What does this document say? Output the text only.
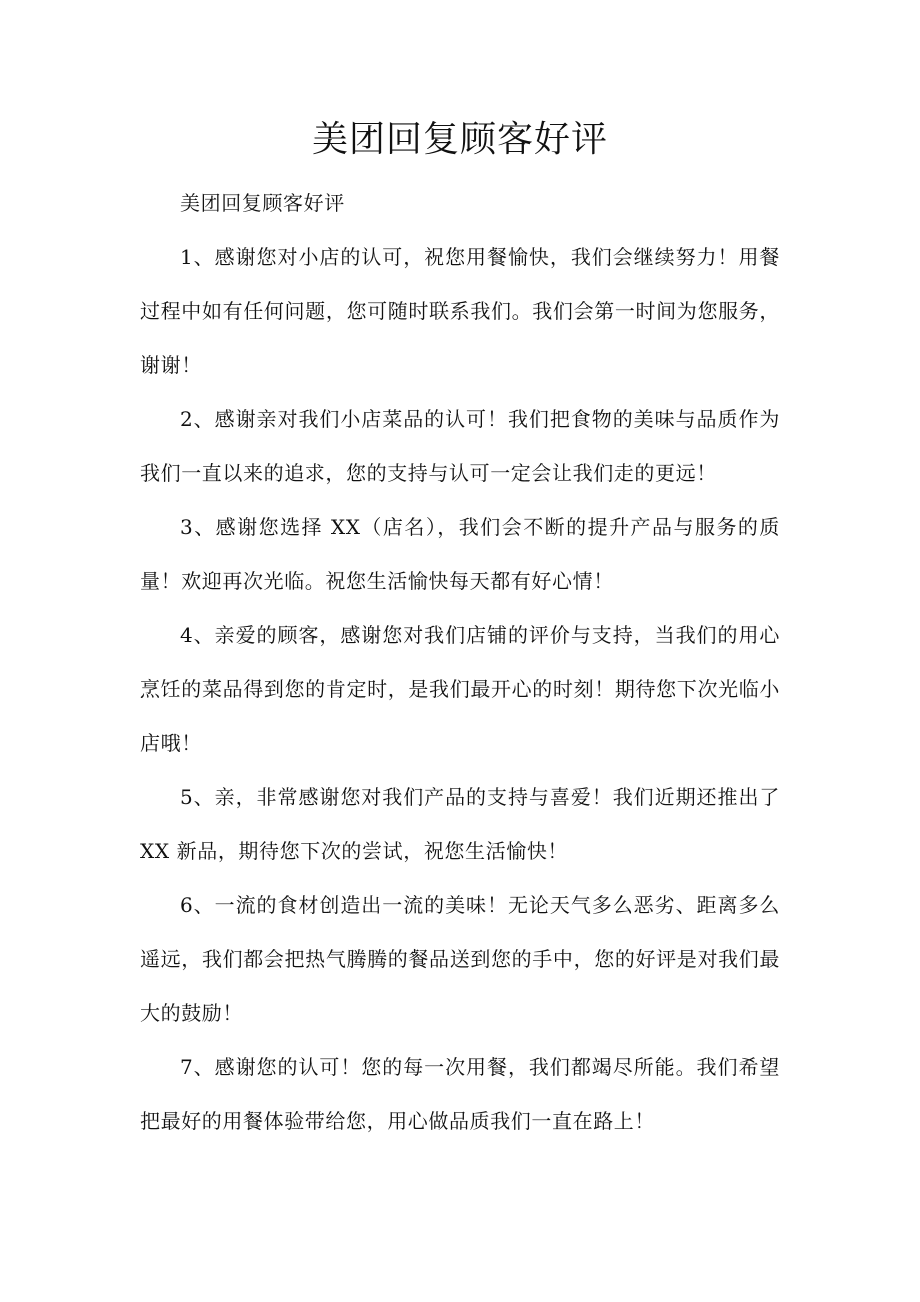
美团回复顾客好评

美团回复顾客好评

1、感谢您对小店的认可，祝您用餐愉快，我们会继续努力！用餐过程中如有任何问题，您可随时联系我们。我们会第一时间为您服务，谢谢！

2、感谢亲对我们小店菜品的认可！我们把食物的美味与品质作为我们一直以来的追求，您的支持与认可一定会让我们走的更远！

3、感谢您选择 XX（店名），我们会不断的提升产品与服务的质量！欢迎再次光临。祝您生活愉快每天都有好心情！

4、亲爱的顾客，感谢您对我们店铺的评价与支持，当我们的用心烹饪的菜品得到您的肯定时，是我们最开心的时刻！期待您下次光临小店哦！

5、亲，非常感谢您对我们产品的支持与喜爱！我们近期还推出了 XX 新品，期待您下次的尝试，祝您生活愉快！

6、一流的食材创造出一流的美味！无论天气多么恶劣、距离多么遥远，我们都会把热气腾腾的餐品送到您的手中，您的好评是对我们最大的鼓励！

7、感谢您的认可！您的每一次用餐，我们都竭尽所能。我们希望把最好的用餐体验带给您，用心做品质我们一直在路上！
